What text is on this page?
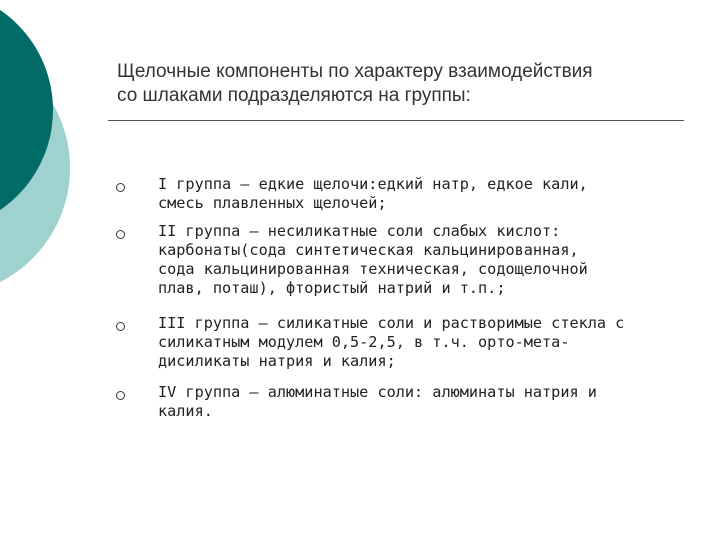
Щелочные компоненты по характеру взаимодействия
со шлаками подразделяются на группы:
I группа – едкие щелочи:едкий натр, едкое кали,
смесь плавленных щелочей;
II группа – несиликатные соли слабых кислот:
карбонаты(сода синтетическая кальцинированная,
сода кальцинированная техническая, содощелочной
плав, поташ), фтористый натрий и т.п.;
III группа – силикатные соли и растворимые стекла с
силикатным модулем 0,5-2,5, в т.ч. орто-мета-
дисиликаты натрия и калия;
IV группа – алюминатные соли: алюминаты натрия и
калия.
